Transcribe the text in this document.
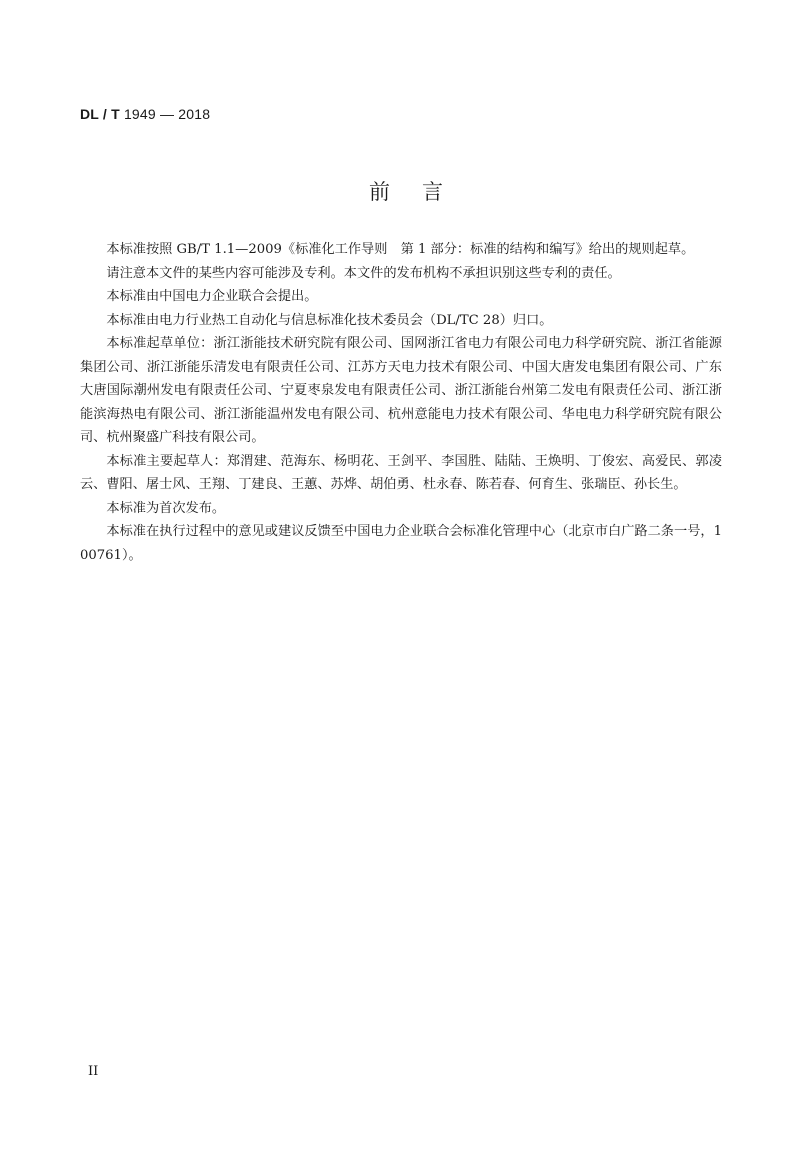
DL / T 1949 — 2018
前言

本标准按照 GB/T 1.1—2009《标准化工作导则　第 1 部分：标准的结构和编写》给出的规则起草。

请注意本文件的某些内容可能涉及专利。本文件的发布机构不承担识别这些专利的责任。

本标准由中国电力企业联合会提出。

本标准由电力行业热工自动化与信息标准化技术委员会（DL/TC 28）归口。

本标准起草单位：浙江浙能技术研究院有限公司、国网浙江省电力有限公司电力科学研究院、浙江省能源集团公司、浙江浙能乐清发电有限责任公司、江苏方天电力技术有限公司、中国大唐发电集团有限公司、广东大唐国际潮州发电有限责任公司、宁夏枣泉发电有限责任公司、浙江浙能台州第二发电有限责任公司、浙江浙能滨海热电有限公司、浙江浙能温州发电有限公司、杭州意能电力技术有限公司、华电电力科学研究院有限公司、杭州聚盛广科技有限公司。

本标准主要起草人：郑渭建、范海东、杨明花、王剑平、李国胜、陆陆、王焕明、丁俊宏、高爱民、郭凌云、曹阳、屠士风、王翔、丁建良、王蕙、苏烨、胡伯勇、杜永春、陈若春、何育生、张瑞臣、孙长生。

本标准为首次发布。

本标准在执行过程中的意见或建议反馈至中国电力企业联合会标准化管理中心（北京市白广路二条一号，100761）。

II
